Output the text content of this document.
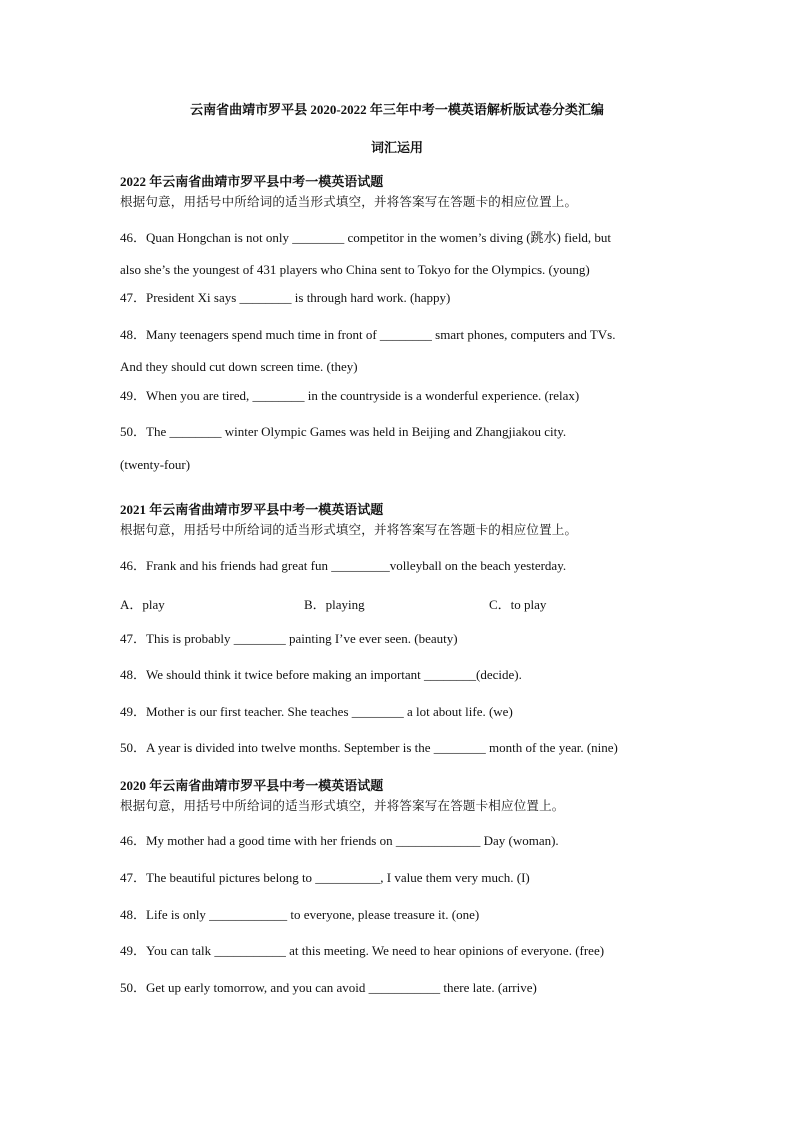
云南省曲靖市罗平县 2020-2022 年三年中考一模英语解析版试卷分类汇编
词汇运用
2022 年云南省曲靖市罗平县中考一模英语试题
根据句意，用括号中所给词的适当形式填空，并将答案写在答题卡的相应位置上。
46．Quan Hongchan is not only ________ competitor in the women’s diving (跳水) field, but
also she’s the youngest of 431 players who China sent to Tokyo for the Olympics. (young)
47．President Xi says ________ is through hard work. (happy)
48．Many teenagers spend much time in front of ________ smart phones, computers and TVs.
And they should cut down screen time. (they)
49．When you are tired, ________ in the countryside is a wonderful experience. (relax)
50．The ________ winter Olympic Games was held in Beijing and Zhangjiakou city.
(twenty-four)
2021 年云南省曲靖市罗平县中考一模英语试题
根据句意，用括号中所给词的适当形式填空，并将答案写在答题卡的相应位置上。
46．Frank and his friends had great fun _________volleyball on the beach yesterday.
A．play	B．playing	C．to play
47．This is probably ________ painting I’ve ever seen. (beauty)
48．We should think it twice before making an important ________(decide).
49．Mother is our first teacher. She teaches ________ a lot about life. (we)
50．A year is divided into twelve months. September is the ________ month of the year. (nine)
2020 年云南省曲靖市罗平县中考一模英语试题
根据句意，用括号中所给词的适当形式填空，并将答案写在答题卡相应位置上。
46．My mother had a good time with her friends on _____________ Day (woman).
47．The beautiful pictures belong to __________, I value them very much. (I)
48．Life is only ____________ to everyone, please treasure it. (one)
49．You can talk ___________ at this meeting. We need to hear opinions of everyone. (free)
50．Get up early tomorrow, and you can avoid ___________ there late. (arrive)
